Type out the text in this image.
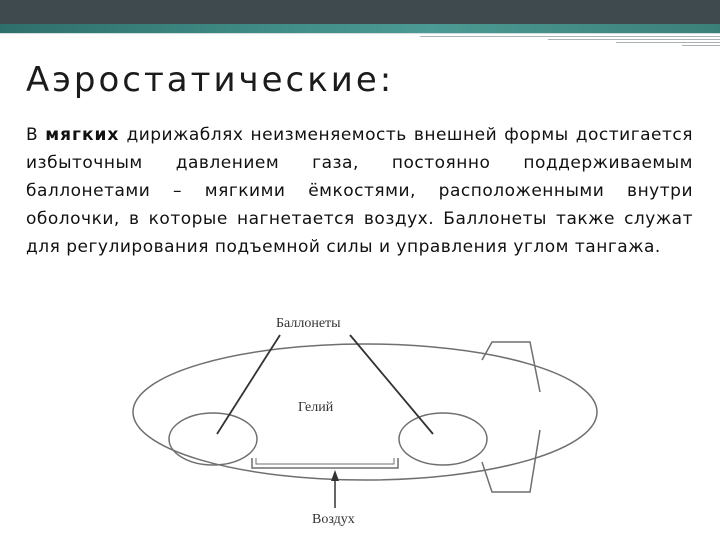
Аэростатические:

В мягких дирижаблях неизменяемость внешней формы достигается избыточным давлением газа, постоянно поддерживаемым баллонетами – мягкими ёмкостями, расположенными внутри оболочки, в которые нагнетается воздух. Баллонеты также служат для регулирования подъемной силы и управления углом тангажа.

Баллонеты
Гелий
Воздух
